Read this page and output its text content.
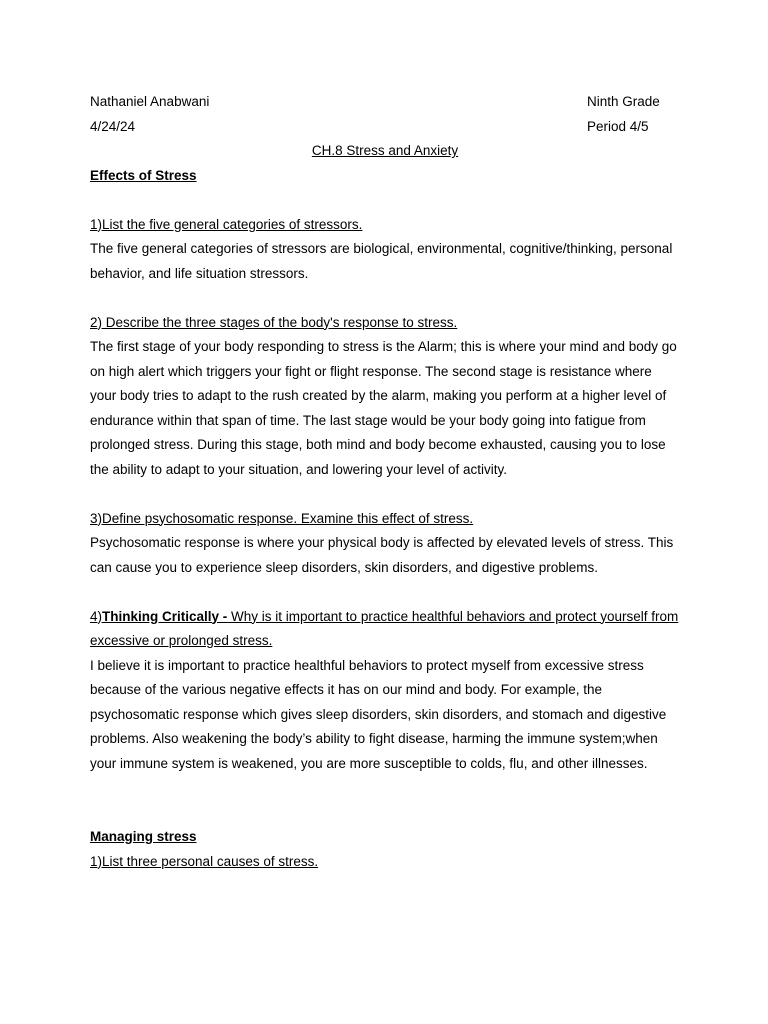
Nathaniel Anabwani	Ninth Grade
4/24/24	Period 4/5
CH.8 Stress and Anxiety
Effects of Stress
1)List the five general categories of stressors.
The five general categories of stressors are biological, environmental, cognitive/thinking, personal behavior, and life situation stressors.
2) Describe the three stages of the body's response to stress.
The first stage of your body responding to stress is the Alarm; this is where your mind and body go on high alert which triggers your fight or flight response. The second stage is resistance where your body tries to adapt to the rush created by the alarm, making you perform at a higher level of endurance within that span of time. The last stage would be your body going into fatigue from prolonged stress. During this stage, both mind and body become exhausted, causing you to lose the ability to adapt to your situation, and lowering your level of activity.
3)Define psychosomatic response. Examine this effect of stress.
Psychosomatic response is where your physical body is affected by elevated levels of stress. This can cause you to experience sleep disorders, skin disorders, and digestive problems.
4)Thinking Critically - Why is it important to practice healthful behaviors and protect yourself from excessive or prolonged stress.
I believe it is important to practice healthful behaviors to protect myself from excessive stress because of the various negative effects it has on our mind and body. For example, the psychosomatic response which gives sleep disorders, skin disorders, and stomach and digestive problems. Also weakening the body’s ability to fight disease, harming the immune system;when your immune system is weakened, you are more susceptible to colds, flu, and other illnesses.
Managing stress
1)List three personal causes of stress.
